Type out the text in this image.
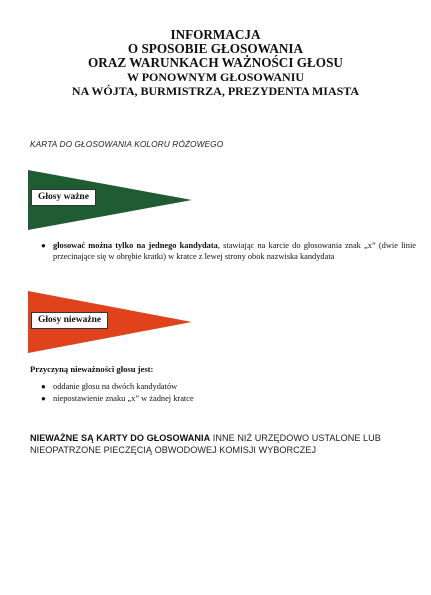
INFORMACJA
O SPOSOBIE GŁOSOWANIA
ORAZ WARUNKACH WAŻNOŚCI GŁOSU
W PONOWNYM GŁOSOWANIU
NA WÓJTA, BURMISTRZA, PREZYDENTA MIASTA
KARTA DO GŁOSOWANIA KOLORU RÓŻOWEGO
Głosy ważne
● głosować można tylko na jednego kandydata, stawiając na karcie do głosowania znak „x” (dwie linie przecinające się w obrębie kratki) w kratce z lewej strony obok nazwiska kandydata
Głosy nieważne
Przyczyną nieważności głosu jest:
● oddanie głosu na dwóch kandydatów
● niepostawienie znaku „x” w żadnej kratce
NIEWAŻNE SĄ KARTY DO GŁOSOWANIA INNE NIŻ URZĘDOWO USTALONE LUB NIEOPATRZONE PIECZĘCIĄ OBWODOWEJ KOMISJI WYBORCZEJ
